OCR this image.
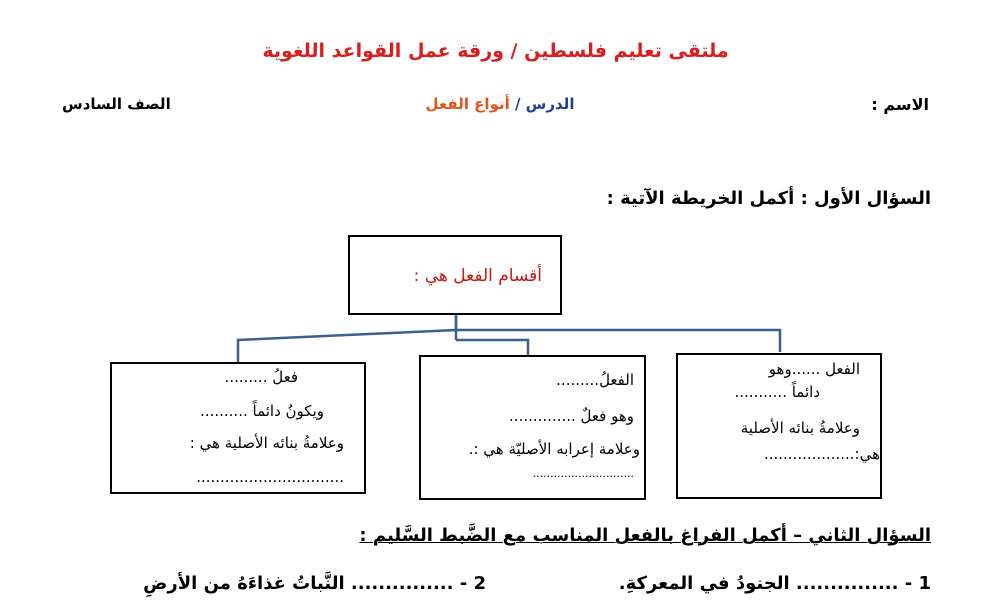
ملتقى تعليم فلسطين / ورقة عمل القواعد اللغوية
الاسم :
الدرس / أنواع الفعل
الصف السادس
السؤال الأول : أكمل الخريطة الآتية :
أقسام الفعل هي :
الفعل ......وهو
دائماً ...........
وعلامةُ بنائه الأصلية
هي:...................
الفعلُ.........
وهو فعلٌ ..............
وعلامة إعرابه الأصليّة هي :.
.............................
فعلُ .........
ويكونُ دائماً ..........
وعلامةُ بنائه الأصلية هي :
...............................
السؤال الثاني – أكمل الفراغ بالفعل المناسب مع الضَّبط السَّليم :
1 - ............... الجنودُ في المعركةِ.
2 - ............... النَّباتُ غذاءَهُ من الأرضِ
